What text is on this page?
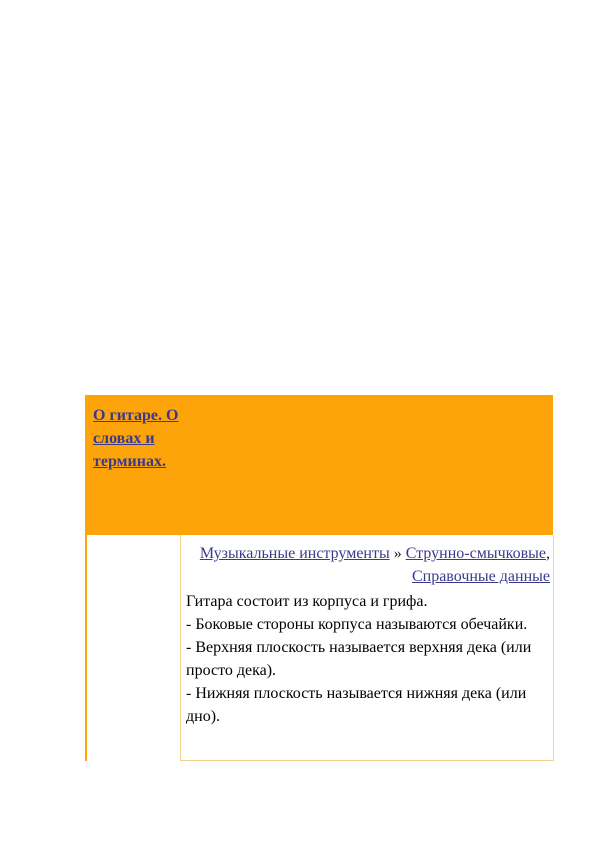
О гитаре. О словах и терминах.
Музыкальные инструменты » Струнно-смычковые, Справочные данные

Гитара состоит из корпуса и грифа.

- Боковые стороны корпуса называются обечайки.

- Верхняя плоскость называется верхняя дека (или просто дека).

- Нижняя плоскость называется нижняя дека (или дно).
